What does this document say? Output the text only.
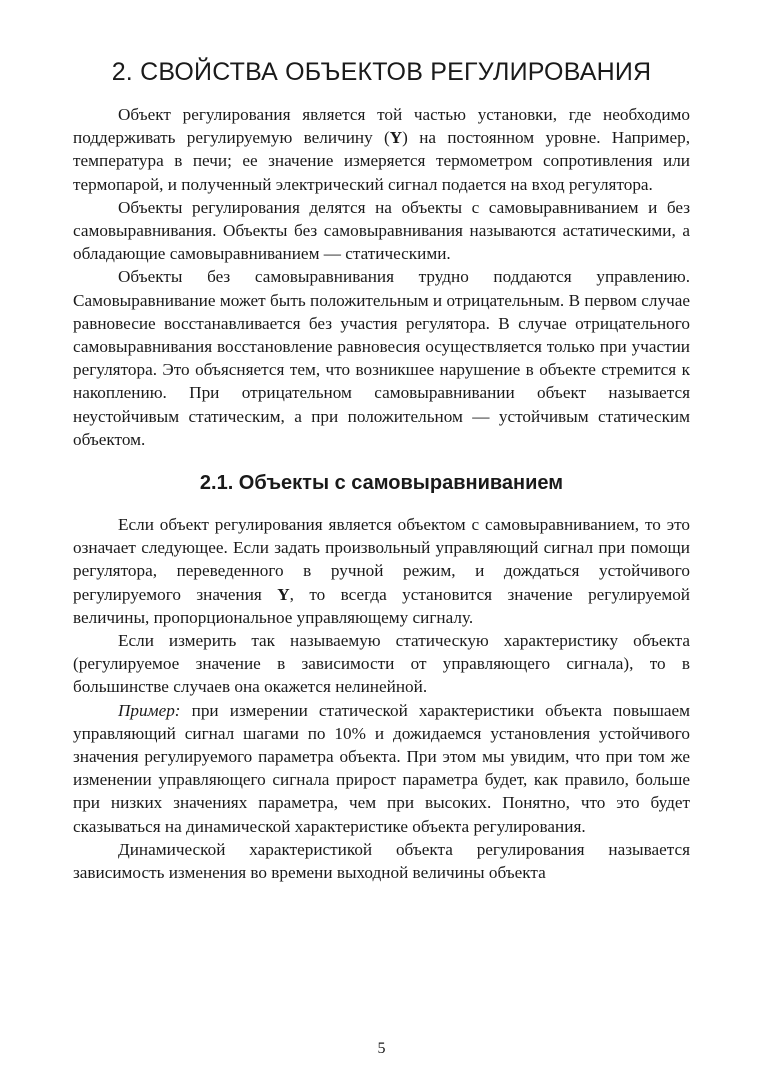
2. СВОЙСТВА ОБЪЕКТОВ РЕГУЛИРОВАНИЯ

Объект регулирования является той частью установки, где необходимо поддерживать регулируемую величину (Y) на постоянном уровне. Например, температура в печи; ее значение измеряется термометром сопротивления или термопарой, и полученный электрический сигнал подается на вход регулятора.

Объекты регулирования делятся на объекты с самовыравниванием и без самовыравнивания. Объекты без самовыравнивания называются астатическими, а обладающие самовыравниванием — статическими.

Объекты без самовыравнивания трудно поддаются управлению. Самовыравнивание может быть положительным и отрицательным. В первом случае равновесие восстанавливается без участия регулятора. В случае отрицательного самовыравнивания восстановление равновесия осуществляется только при участии регулятора. Это объясняется тем, что возникшее нарушение в объекте стремится к накоплению. При отрицательном самовыравнивании объект называется неустойчивым статическим, а при положительном — устойчивым статическим объектом.

2.1. Объекты с самовыравниванием

Если объект регулирования является объектом с самовыравниванием, то это означает следующее. Если задать произвольный управляющий сигнал при помощи регулятора, переведенного в ручной режим, и дождаться устойчивого регулируемого значения Y, то всегда установится значение регулируемой величины, пропорциональное управляющему сигналу.

Если измерить так называемую статическую характеристику объекта (регулируемое значение в зависимости от управляющего сигнала), то в большинстве случаев она окажется нелинейной.

Пример: при измерении статической характеристики объекта повышаем управляющий сигнал шагами по 10% и дожидаемся установления устойчивого значения регулируемого параметра объекта. При этом мы увидим, что при том же изменении управляющего сигнала прирост параметра будет, как правило, больше при низких значениях параметра, чем при высоких. Понятно, что это будет сказываться на динамической характеристике объекта регулирования.

Динамической характеристикой объекта регулирования называется зависимость изменения во времени выходной величины объекта

5
